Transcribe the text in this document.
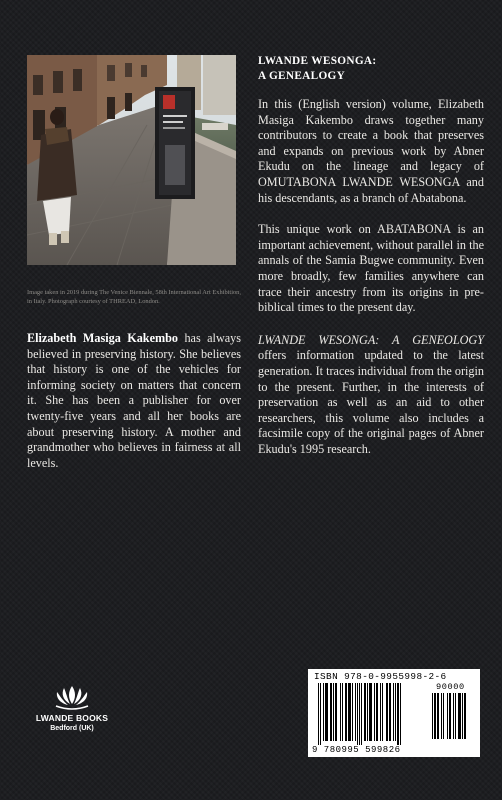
Image taken in 2019 during The Venice Biennale, 58th International Art Exhibition, in Italy. Photograph courtesy of THREAD, London.
Elizabeth Masiga Kakembo has always believed in preserving history. She believes that history is one of the vehicles for informing society on matters that concern it. She has been a publisher for over twenty-five years and all her books are about preserving history. A mother and grandmother who believes in fairness at all levels.
LWANDE WESONGA:
A GENEALOGY

In this (English version) volume, Elizabeth Masiga Kakembo draws together many contributors to create a book that preserves and expands on previous work by Abner Ekudu on the lineage and legacy of OMUTABONA LWANDE WESONGA and his descendants, as a branch of Abatabona.

This unique work on ABATABONA is an important achievement, without parallel in the annals of the Samia Bugwe community. Even more broadly, few families anywhere can trace their ancestry from its origins in pre-biblical times to the present day.

LWANDE WESONGA: A GENEOLOGY offers information updated to the latest generation. It traces individual from the origin to the present. Further, in the interests of preservation as well as an aid to other researchers, this volume also includes a facsimile copy of the original pages of Abner Ekudu's 1995 research.

LWANDE BOOKS
Bedford (UK)
ISBN 978-0-9955998-2-6
90000
9 780995 599826
